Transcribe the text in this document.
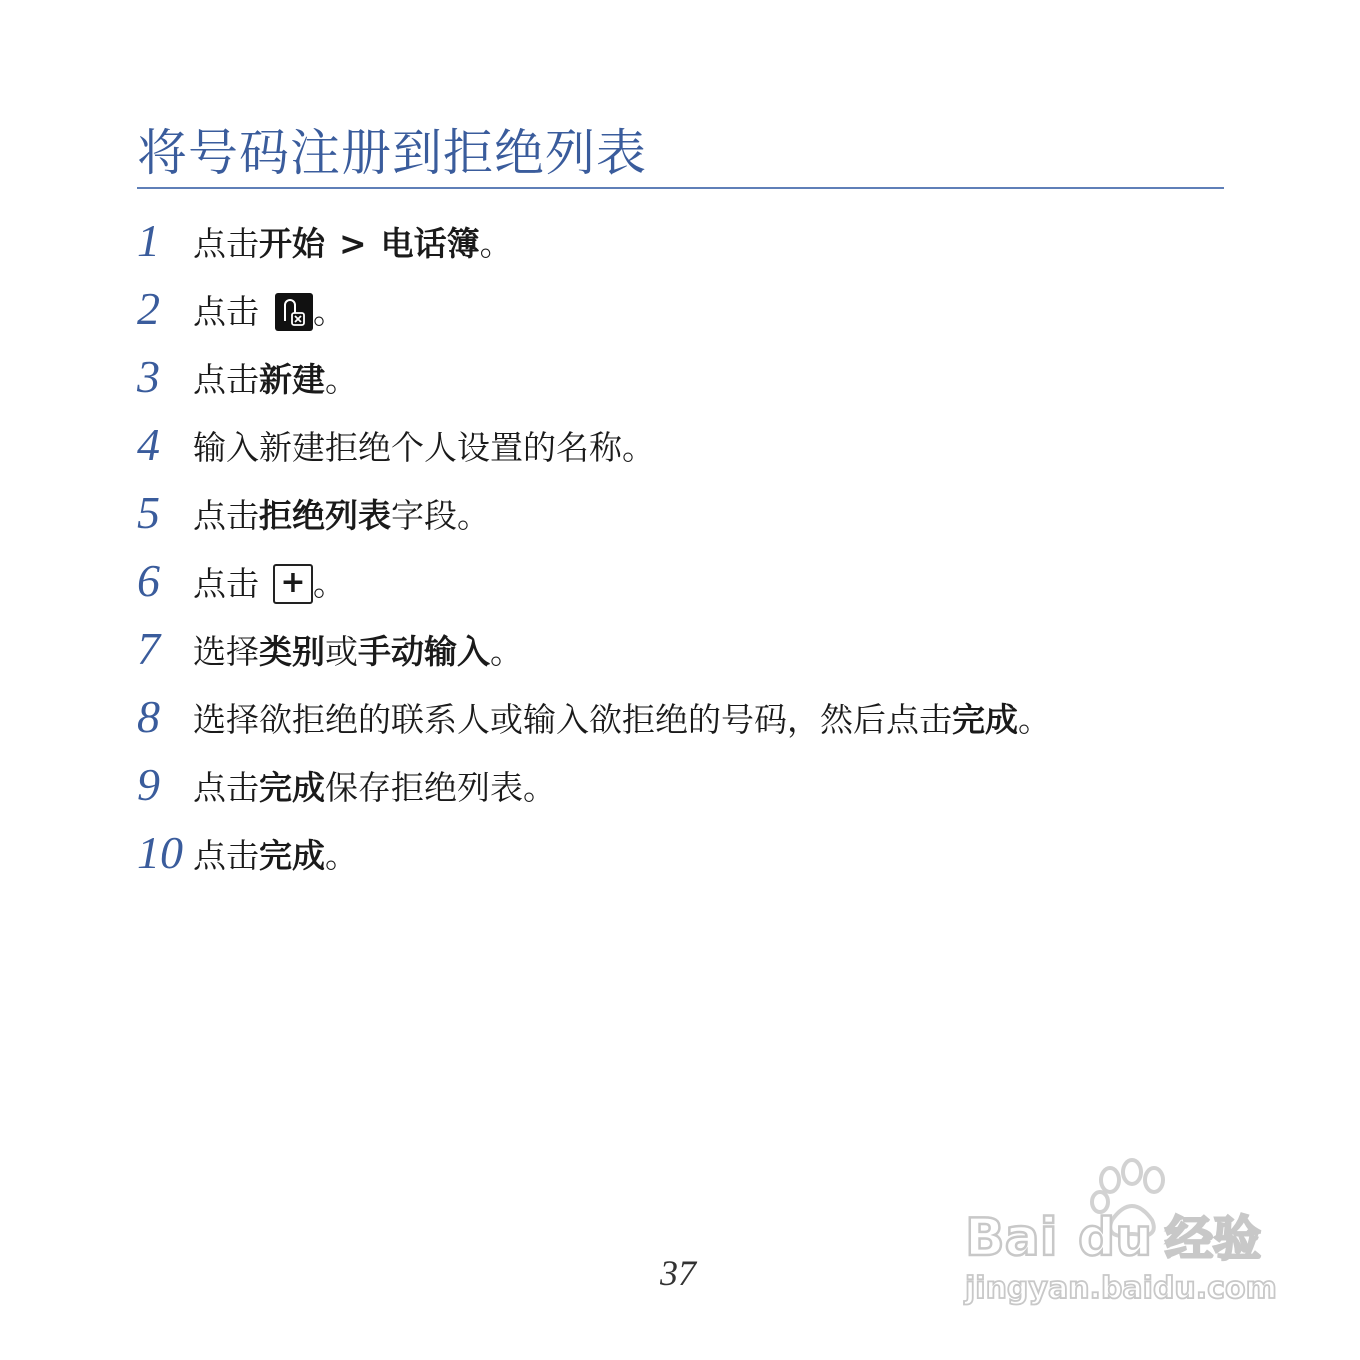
将号码注册到拒绝列表
1 点击 开始 > 电话簿 。
2 点击 。
3 点击 新建 。
4 输入新建拒绝个人设置的名称。
5 点击 拒绝列表 字段。
6 点击 + 。
7 选择 类别 或 手动输入 。
8 选择欲拒绝的联系人或输入欲拒绝的号码，然后点击 完成 。
9 点击 完成 保存拒绝列表。
10 点击 完成 。
37
Bai du 经验
jingyan.baidu.com
